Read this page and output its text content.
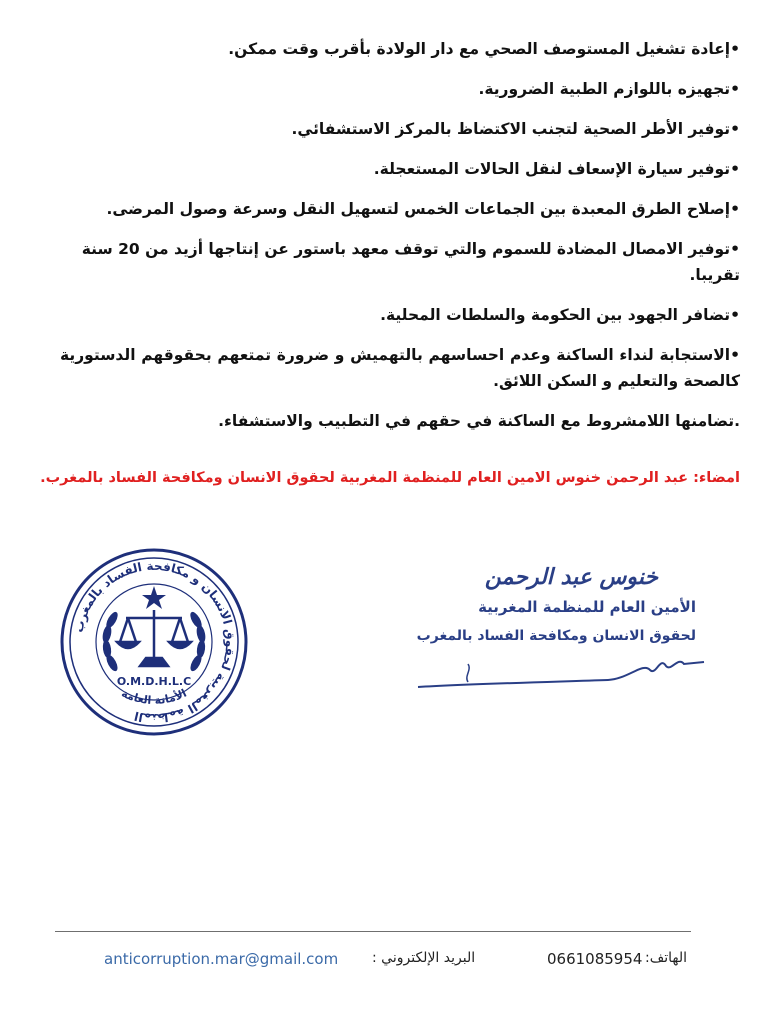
•إعادة تشغيل المستوصف الصحي مع دار الولادة بأقرب وقت ممكن.

•تجهيزه باللوازم الطبية الضرورية.

•توفير الأطر الصحية لتجنب الاكتضاظ بالمركز الاستشفائي.

•توفير سيارة الإسعاف لنقل الحالات المستعجلة.

•إصلاح الطرق المعبدة بين الجماعات الخمس لتسهيل النقل وسرعة وصول المرضى.

•توفير الامصال المضادة للسموم والتي توقف معهد باستور عن إنتاجها أزيد من 20 سنة تقريبا.

•تضافر الجهود بين الحكومة والسلطات المحلية.

•الاستجابة لنداء الساكنة وعدم احساسهم بالتهميش و ضرورة تمتعهم بحقوقهم الدستورية كالصحة والتعليم و السكن اللائق.

.تضامنها اللامشروط مع الساكنة في حقهم في التطبيب والاستشفاء.

امضاء: عبد الرحمن خنوس الامين العام للمنظمة المغربية لحقوق الانسان ومكافحة الفساد بالمغرب.
المنظمة المغربية لحقوق الانسان و مكافحة الفساد بالمغرب
O.M.D.H.L.C
الأمانة العامة
خنوس عبد الرحمن
الأمين العام للمنظمة المغربية
لحقوق الانسان ومكافحة الفساد بالمغرب
anticorruption.mar@gmail.com البريد الإلكتروني :	0661085954 الهاتف:
